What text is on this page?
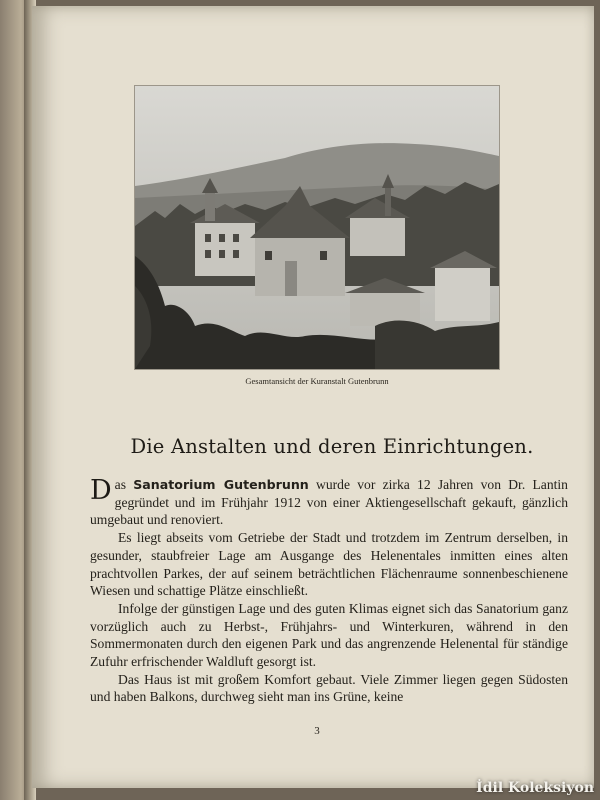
Gesamtansicht der Kuranstalt Gutenbrunn
Die Anstalten und deren Einrichtungen.

Das Sanatorium Gutenbrunn wurde vor zirka 12 Jahren von Dr. Lantin gegründet und im Frühjahr 1912 von einer Aktiengesellschaft gekauft, gänzlich umgebaut und renoviert.

Es liegt abseits vom Getriebe der Stadt und trotzdem im Zentrum derselben, in gesunder, staubfreier Lage am Ausgange des Helenentales inmitten eines alten prachtvollen Parkes, der auf seinem beträchtlichen Flächenraume sonnenbeschienene Wiesen und schattige Plätze einschließt.

Infolge der günstigen Lage und des guten Klimas eignet sich das Sanatorium ganz vorzüglich auch zu Herbst-, Frühjahrs- und Winterkuren, während in den Sommermonaten durch den eigenen Park und das angrenzende Helenental für ständige Zufuhr erfrischender Waldluft gesorgt ist.

Das Haus ist mit großem Komfort gebaut. Viele Zimmer liegen gegen Südosten und haben Balkons, durchweg sieht man ins Grüne, keine

3
İdil Koleksiyon
